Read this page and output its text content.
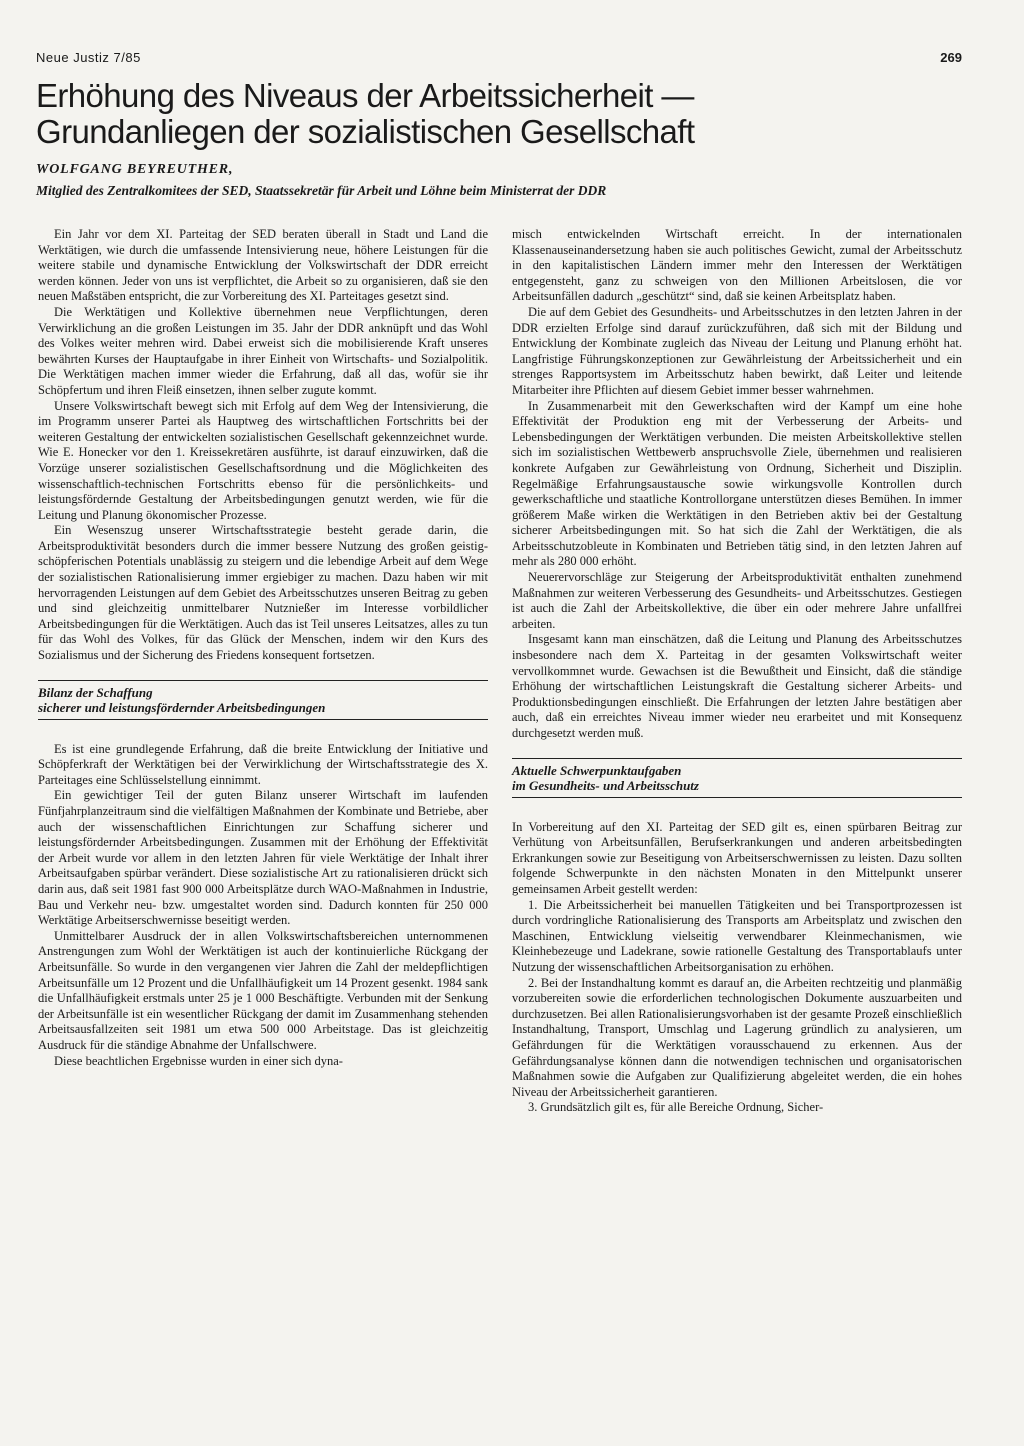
Neue Justiz 7/85	269
Erhöhung des Niveaus der Arbeitssicherheit —
Grundanliegen der sozialistischen Gesellschaft
WOLFGANG BEYREUTHER,
Mitglied des Zentralkomitees der SED, Staatssekretär für Arbeit und Löhne beim Ministerrat der DDR

Ein Jahr vor dem XI. Parteitag der SED beraten überall in Stadt und Land die Werktätigen, wie durch die umfassende Intensivierung neue, höhere Leistungen für die weitere stabile und dynamische Entwicklung der Volkswirtschaft der DDR erreicht werden können. Jeder von uns ist verpflichtet, die Arbeit so zu organisieren, daß sie den neuen Maßstäben entspricht, die zur Vorbereitung des XI. Parteitages gesetzt sind.

Die Werktätigen und Kollektive übernehmen neue Verpflichtungen, deren Verwirklichung an die großen Leistungen im 35. Jahr der DDR anknüpft und das Wohl des Volkes weiter mehren wird. Dabei erweist sich die mobilisierende Kraft unseres bewährten Kurses der Hauptaufgabe in ihrer Einheit von Wirtschafts- und Sozialpolitik. Die Werktätigen machen immer wieder die Erfahrung, daß all das, wofür sie ihr Schöpfertum und ihren Fleiß einsetzen, ihnen selber zugute kommt.

Unsere Volkswirtschaft bewegt sich mit Erfolg auf dem Weg der Intensivierung, die im Programm unserer Partei als Hauptweg des wirtschaftlichen Fortschritts bei der weiteren Gestaltung der entwickelten sozialistischen Gesellschaft gekennzeichnet wurde. Wie E. Honecker vor den 1. Kreissekretären ausführte, ist darauf einzuwirken, daß die Vorzüge unserer sozialistischen Gesellschaftsordnung und die Möglichkeiten des wissenschaftlich-technischen Fortschritts ebenso für die persönlichkeits- und leistungsfördernde Gestaltung der Arbeitsbedingungen genutzt werden, wie für die Leitung und Planung ökonomischer Prozesse.

Ein Wesenszug unserer Wirtschaftsstrategie besteht gerade darin, die Arbeitsproduktivität besonders durch die immer bessere Nutzung des großen geistig-schöpferischen Potentials unablässig zu steigern und die lebendige Arbeit auf dem Wege der sozialistischen Rationalisierung immer ergiebiger zu machen. Dazu haben wir mit hervorragenden Leistungen auf dem Gebiet des Arbeitsschutzes unseren Beitrag zu geben und sind gleichzeitig unmittelbarer Nutznießer im Interesse vorbildlicher Arbeitsbedingungen für die Werktätigen. Auch das ist Teil unseres Leitsatzes, alles zu tun für das Wohl des Volkes, für das Glück der Menschen, indem wir den Kurs des Sozialismus und der Sicherung des Friedens konsequent fortsetzen.

Bilanz der Schaffung
sicherer und leistungsfördernder Arbeitsbedingungen

Es ist eine grundlegende Erfahrung, daß die breite Entwicklung der Initiative und Schöpferkraft der Werktätigen bei der Verwirklichung der Wirtschaftsstrategie des X. Parteitages eine Schlüsselstellung einnimmt.

Ein gewichtiger Teil der guten Bilanz unserer Wirtschaft im laufenden Fünfjahrplanzeitraum sind die vielfältigen Maßnahmen der Kombinate und Betriebe, aber auch der wissenschaftlichen Einrichtungen zur Schaffung sicherer und leistungsfördernder Arbeitsbedingungen. Zusammen mit der Erhöhung der Effektivität der Arbeit wurde vor allem in den letzten Jahren für viele Werktätige der Inhalt ihrer Arbeitsaufgaben spürbar verändert. Diese sozialistische Art zu rationalisieren drückt sich darin aus, daß seit 1981 fast 900 000 Arbeitsplätze durch WAO-Maßnahmen in Industrie, Bau und Verkehr neu- bzw. umgestaltet worden sind. Dadurch konnten für 250 000 Werktätige Arbeitserschwernisse beseitigt werden.

Unmittelbarer Ausdruck der in allen Volkswirtschaftsbereichen unternommenen Anstrengungen zum Wohl der Werktätigen ist auch der kontinuierliche Rückgang der Arbeitsunfälle. So wurde in den vergangenen vier Jahren die Zahl der meldepflichtigen Arbeitsunfälle um 12 Prozent und die Unfallhäufigkeit um 14 Prozent gesenkt. 1984 sank die Unfallhäufigkeit erstmals unter 25 je 1 000 Beschäftigte. Verbunden mit der Senkung der Arbeitsunfälle ist ein wesentlicher Rückgang der damit im Zusammenhang stehenden Arbeitsausfallzeiten seit 1981 um etwa 500 000 Arbeitstage. Das ist gleichzeitig Ausdruck für die ständige Abnahme der Unfallschwere.

Diese beachtlichen Ergebnisse wurden in einer sich dyna-

misch entwickelnden Wirtschaft erreicht. In der internationalen Klassenauseinandersetzung haben sie auch politisches Gewicht, zumal der Arbeitsschutz in den kapitalistischen Ländern immer mehr den Interessen der Werktätigen entgegensteht, ganz zu schweigen von den Millionen Arbeitslosen, die vor Arbeitsunfällen dadurch „geschützt“ sind, daß sie keinen Arbeitsplatz haben.

Die auf dem Gebiet des Gesundheits- und Arbeitsschutzes in den letzten Jahren in der DDR erzielten Erfolge sind darauf zurückzuführen, daß sich mit der Bildung und Entwicklung der Kombinate zugleich das Niveau der Leitung und Planung erhöht hat. Langfristige Führungskonzeptionen zur Gewährleistung der Arbeitssicherheit und ein strenges Rapportsystem im Arbeitsschutz haben bewirkt, daß Leiter und leitende Mitarbeiter ihre Pflichten auf diesem Gebiet immer besser wahrnehmen.

In Zusammenarbeit mit den Gewerkschaften wird der Kampf um eine hohe Effektivität der Produktion eng mit der Verbesserung der Arbeits- und Lebensbedingungen der Werktätigen verbunden. Die meisten Arbeitskollektive stellen sich im sozialistischen Wettbewerb anspruchsvolle Ziele, übernehmen und realisieren konkrete Aufgaben zur Gewährleistung von Ordnung, Sicherheit und Disziplin. Regelmäßige Erfahrungsaustausche sowie wirkungsvolle Kontrollen durch gewerkschaftliche und staatliche Kontrollorgane unterstützen dieses Bemühen. In immer größerem Maße wirken die Werktätigen in den Betrieben aktiv bei der Gestaltung sicherer Arbeitsbedingungen mit. So hat sich die Zahl der Werktätigen, die als Arbeitsschutzobleute in Kombinaten und Betrieben tätig sind, in den letzten Jahren auf mehr als 280 000 erhöht.

Neuerervorschläge zur Steigerung der Arbeitsproduktivität enthalten zunehmend Maßnahmen zur weiteren Verbesserung des Gesundheits- und Arbeitsschutzes. Gestiegen ist auch die Zahl der Arbeitskollektive, die über ein oder mehrere Jahre unfallfrei arbeiten.

Insgesamt kann man einschätzen, daß die Leitung und Planung des Arbeitsschutzes insbesondere nach dem X. Parteitag in der gesamten Volkswirtschaft weiter vervollkommnet wurde. Gewachsen ist die Bewußtheit und Einsicht, daß die ständige Erhöhung der wirtschaftlichen Leistungskraft die Gestaltung sicherer Arbeits- und Produktionsbedingungen einschließt. Die Erfahrungen der letzten Jahre bestätigen aber auch, daß ein erreichtes Niveau immer wieder neu erarbeitet und mit Konsequenz durchgesetzt werden muß.

Aktuelle Schwerpunktaufgaben
im Gesundheits- und Arbeitsschutz

In Vorbereitung auf den XI. Parteitag der SED gilt es, einen spürbaren Beitrag zur Verhütung von Arbeitsunfällen, Berufserkrankungen und anderen arbeitsbedingten Erkrankungen sowie zur Beseitigung von Arbeitserschwernissen zu leisten. Dazu sollten folgende Schwerpunkte in den nächsten Monaten in den Mittelpunkt unserer gemeinsamen Arbeit gestellt werden:

1. Die Arbeitssicherheit bei manuellen Tätigkeiten und bei Transportprozessen ist durch vordringliche Rationalisierung des Transports am Arbeitsplatz und zwischen den Maschinen, Entwicklung vielseitig verwendbarer Kleinmechanismen, wie Kleinhebezeuge und Ladekrane, sowie rationelle Gestaltung des Transportablaufs unter Nutzung der wissenschaftlichen Arbeitsorganisation zu erhöhen.

2. Bei der Instandhaltung kommt es darauf an, die Arbeiten rechtzeitig und planmäßig vorzubereiten sowie die erforderlichen technologischen Dokumente auszuarbeiten und durchzusetzen. Bei allen Rationalisierungsvorhaben ist der gesamte Prozeß einschließlich Instandhaltung, Transport, Umschlag und Lagerung gründlich zu analysieren, um Gefährdungen für die Werktätigen vorausschauend zu erkennen. Aus der Gefährdungsanalyse können dann die notwendigen technischen und organisatorischen Maßnahmen sowie die Aufgaben zur Qualifizierung abgeleitet werden, die ein hohes Niveau der Arbeitssicherheit garantieren.

3. Grundsätzlich gilt es, für alle Bereiche Ordnung, Sicher-
